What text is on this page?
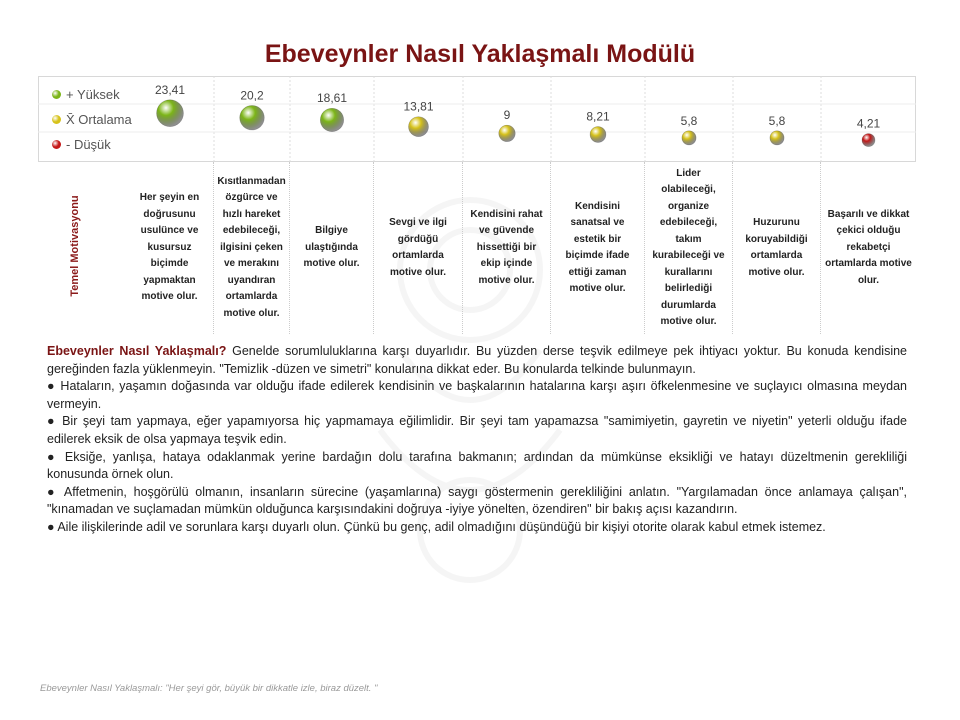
Ebeveynler Nasıl Yaklaşmalı Modülü
23,41	20,2	18,61
13,81
9	8,21	5,8	5,8	4,21
+ Yüksek
X̄ Ortalama
- Düşük
Temel Motivasyonu	Her şeyin en doğrusunu usulünce ve kusursuz biçimde yapmaktan motive olur.
Kısıtlanmadan özgürce ve hızlı hareket edebileceği, ilgisini çeken ve merakını uyandıran ortamlarda motive olur.
Bilgiye ulaştığında motive olur.
Sevgi ve ilgi gördüğü ortamlarda motive olur.
Kendisini rahat ve güvende hissettiği bir ekip içinde motive olur.
Kendisini sanatsal ve estetik bir biçimde ifade ettiği zaman motive olur.
Lider olabileceği, organize edebileceği, takım kurabileceği ve kurallarını belirlediği durumlarda motive olur.
Huzurunu koruyabildiği ortamlarda motive olur.
Başarılı ve dikkat çekici olduğu rekabetçi ortamlarda motive olur.

Ebeveynler Nasıl Yaklaşmalı? Genelde sorumluluklarına karşı duyarlıdır. Bu yüzden derse teşvik edilmeye pek ihtiyacı yoktur. Bu konuda kendisine gereğinden fazla yüklenmeyin. "Temizlik -düzen ve simetri" konularına dikkat eder. Bu konularda telkinde bulunmayın.

● Hataların, yaşamın doğasında var olduğu ifade edilerek kendisinin ve başkalarının hatalarına karşı aşırı öfkelenmesine ve suçlayıcı olmasına meydan vermeyin.

● Bir şeyi tam yapmaya, eğer yapamıyorsa hiç yapmamaya eğilimlidir. Bir şeyi tam yapamazsa "samimiyetin, gayretin ve niyetin" yeterli olduğu ifade edilerek eksik de olsa yapmaya teşvik edin.

● Eksiğe, yanlışa, hataya odaklanmak yerine bardağın dolu tarafına bakmanın; ardından da mümkünse eksikliği ve hatayı düzeltmenin gerekliliği konusunda örnek olun.

● Affetmenin, hoşgörülü olmanın, insanların sürecine (yaşamlarına) saygı göstermenin gerekliliğini anlatın. "Yargılamadan önce anlamaya çalışan", "kınamadan ve suçlamadan mümkün olduğunca karşısındakini doğruya -iyiye yönelten, özendiren" bir bakış açısı kazandırın.

● Aile ilişkilerinde adil ve sorunlara karşı duyarlı olun. Çünkü bu genç, adil olmadığını düşündüğü bir kişiyi otorite olarak kabul etmek istemez.

Ebeveynler Nasıl Yaklaşmalı: "Her şeyi gör, büyük bir dikkatle izle, biraz düzelt. "
